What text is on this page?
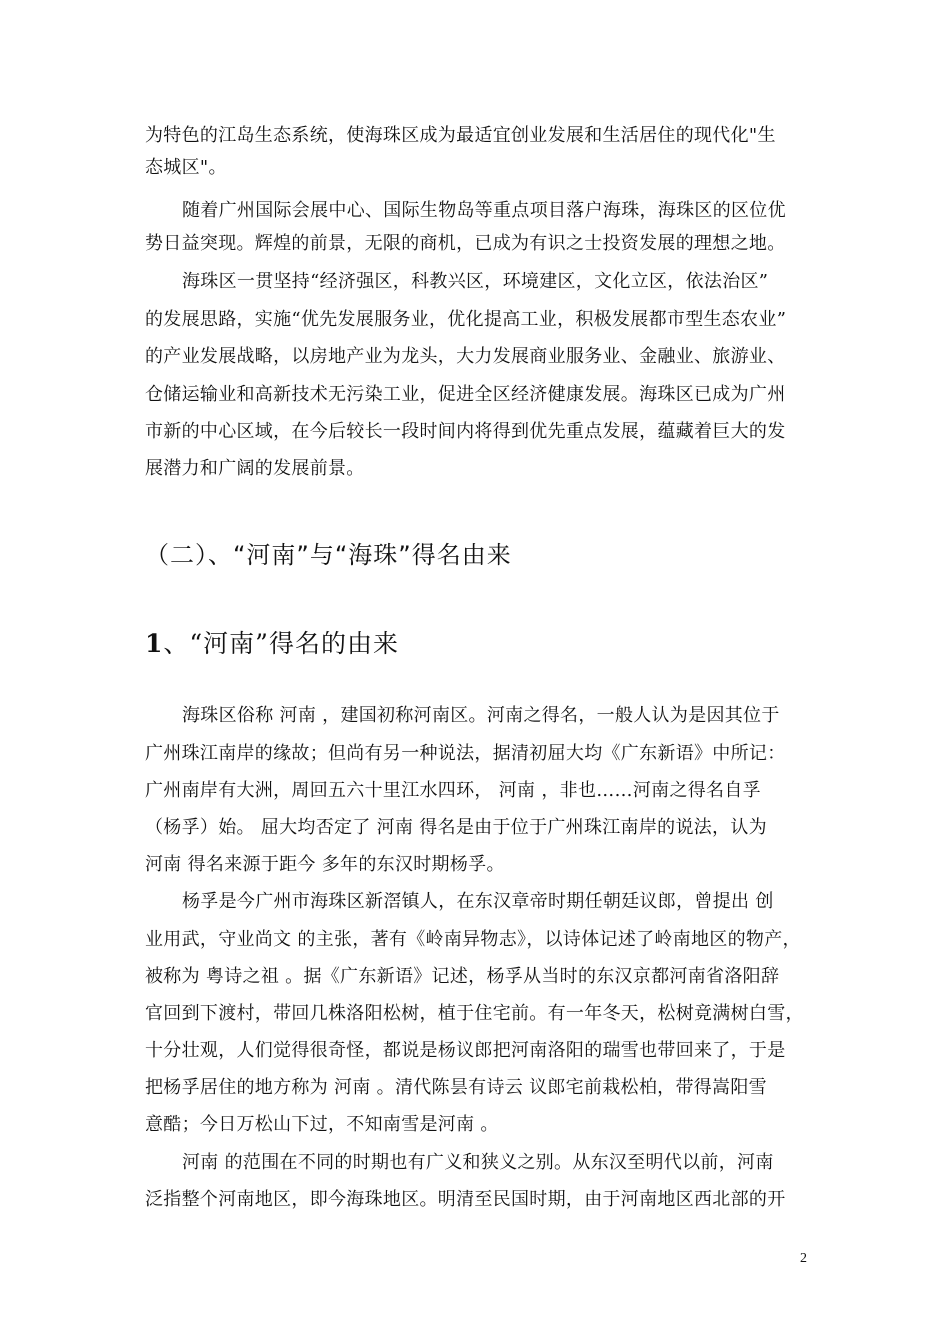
为特色的江岛生态系统，使海珠区成为最适宜创业发展和生活居住的现代化"生
态城区"。
随着广州国际会展中心、国际生物岛等重点项目落户海珠，海珠区的区位优
势日益突现。辉煌的前景，无限的商机，已成为有识之士投资发展的理想之地。
海珠区一贯坚持“经济强区，科教兴区，环境建区，文化立区，依法治区”
的发展思路，实施“优先发展服务业，优化提高工业，积极发展都市型生态农业”
的产业发展战略，以房地产业为龙头，大力发展商业服务业、金融业、旅游业、
仓储运输业和高新技术无污染工业，促进全区经济健康发展。海珠区已成为广州
市新的中心区域，在今后较长一段时间内将得到优先重点发展，蕴藏着巨大的发
展潜力和广阔的发展前景。
（二）、“河南”与“海珠”得名由来
1、“河南”得名的由来
海珠区俗称 河南 ，建国初称河南区。河南之得名，一般人认为是因其位于
广州珠江南岸的缘故；但尚有另一种说法，据清初屈大均《广东新语》中所记：
广州南岸有大洲，周回五六十里江水四环， 河南 ，非也……河南之得名自孚
（杨孚）始。 屈大均否定了 河南 得名是由于位于广州珠江南岸的说法，认为
河南 得名来源于距今 多年的东汉时期杨孚。
杨孚是今广州市海珠区新滘镇人，在东汉章帝时期任朝廷议郎，曾提出 创
业用武，守业尚文 的主张，著有《岭南异物志》，以诗体记述了岭南地区的物产，
被称为 粤诗之祖 。据《广东新语》记述，杨孚从当时的东汉京都河南省洛阳辞
官回到下渡村，带回几株洛阳松树，植于住宅前。有一年冬天，松树竟满树白雪，
十分壮观，人们觉得很奇怪，都说是杨议郎把河南洛阳的瑞雪也带回来了，于是
把杨孚居住的地方称为 河南 。清代陈昙有诗云 议郎宅前栽松柏，带得嵩阳雪
意酷；今日万松山下过，不知南雪是河南 。
河南 的范围在不同的时期也有广义和狭义之别。从东汉至明代以前，河南
泛指整个河南地区，即今海珠地区。明清至民国时期，由于河南地区西北部的开
2
